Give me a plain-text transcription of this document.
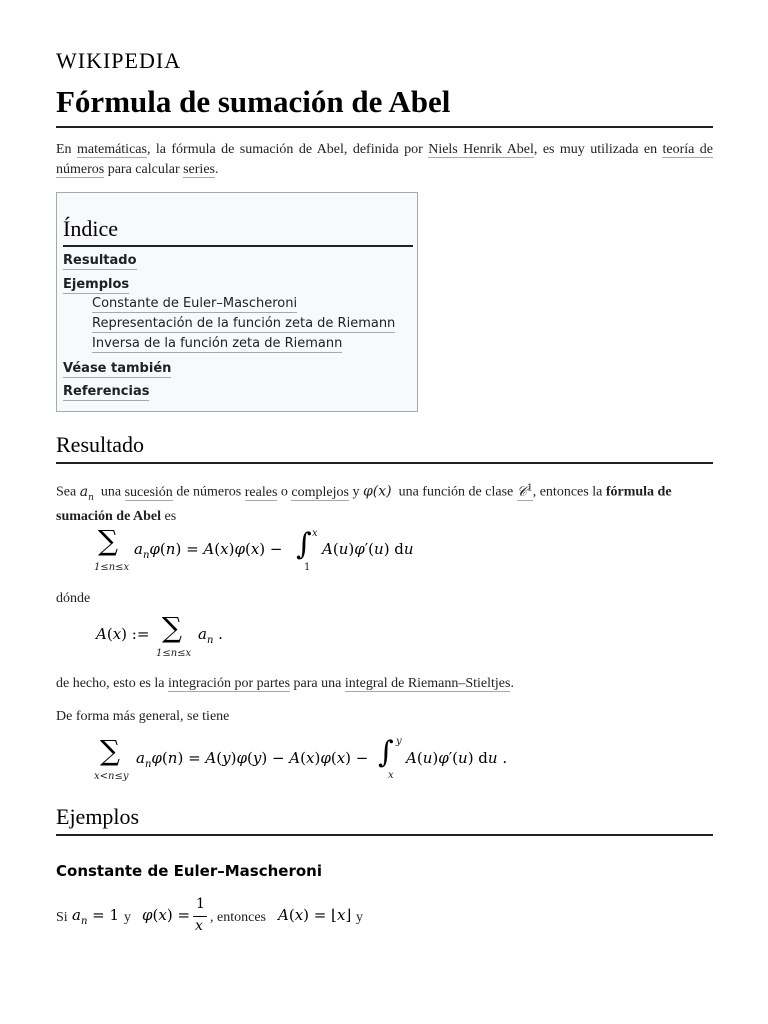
WIKIPEDIA
Fórmula de sumación de Abel
En matemáticas, la fórmula de sumación de Abel, definida por Niels Henrik Abel, es muy utilizada en teoría de números para calcular series.
Índice
Resultado
Ejemplos
Constante de Euler–Mascheroni
Representación de la función zeta de Riemann
Inversa de la función zeta de Riemann
Véase también
Referencias
Resultado
Sea $a_n$  una sucesión de números reales o complejos y φ(x)  una función de clase 𝒞$^1$, entonces la fórmula de sumación de Abel es
∑
1≤n≤x
$a_n\varphi(n) = A(x)\varphi(x)$ − ∫ x
1
A(u)φ′(u) du
dónde
A(x) := ∑
1≤n≤x
$a_n$ .
de hecho, esto es la integración por partes para una integral de Riemann–Stieltjes.
De forma más general, se tiene
∑
x<n≤y
$a_n\varphi(n) = A(y)\varphi(y) - A(x)\varphi(x)$ − ∫ y
x
A(u)φ′(u) du .
Ejemplos
Constante de Euler–Mascheroni
Si $a_n = 1$ y φ(x) =
1
x
, entonces A(x) = ⌊x⌋ y
